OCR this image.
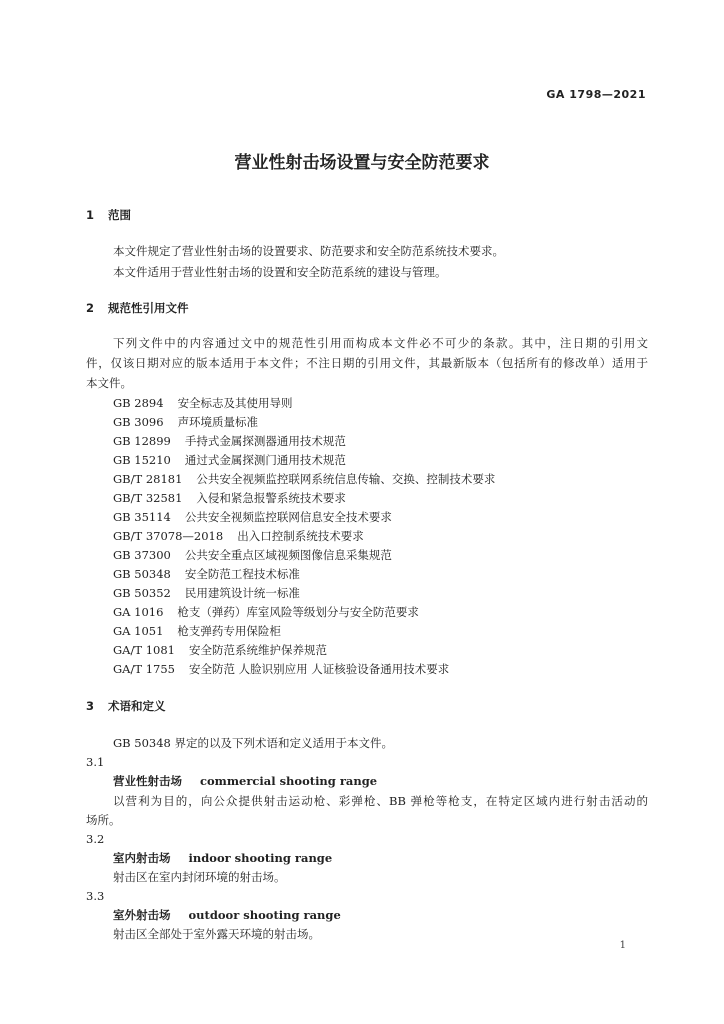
GA 1798—2021
营业性射击场设置与安全防范要求
1 范围
本文件规定了营业性射击场的设置要求、防范要求和安全防范系统技术要求。
本文件适用于营业性射击场的设置和安全防范系统的建设与管理。
2 规范性引用文件
下列文件中的内容通过文中的规范性引用而构成本文件必不可少的条款。其中，注日期的引用文
件，仅该日期对应的版本适用于本文件；不注日期的引用文件，其最新版本（包括所有的修改单）适用于
本文件。
GB 2894 安全标志及其使用导则
GB 3096 声环境质量标准
GB 12899 手持式金属探测器通用技术规范
GB 15210 通过式金属探测门通用技术规范
GB/T 28181 公共安全视频监控联网系统信息传输、交换、控制技术要求
GB/T 32581 入侵和紧急报警系统技术要求
GB 35114 公共安全视频监控联网信息安全技术要求
GB/T 37078—2018 出入口控制系统技术要求
GB 37300 公共安全重点区域视频图像信息采集规范
GB 50348 安全防范工程技术标准
GB 50352 民用建筑设计统一标准
GA 1016 枪支（弹药）库室风险等级划分与安全防范要求
GA 1051 枪支弹药专用保险柜
GA/T 1081 安全防范系统维护保养规范
GA/T 1755 安全防范 人脸识别应用 人证核验设备通用技术要求
3 术语和定义
GB 50348 界定的以及下列术语和定义适用于本文件。
3.1
营业性射击场 commercial shooting range
以营利为目的，向公众提供射击运动枪、彩弹枪、BB 弹枪等枪支，在特定区域内进行射击活动的
场所。
3.2
室内射击场 indoor shooting range
射击区在室内封闭环境的射击场。
3.3
室外射击场 outdoor shooting range
射击区全部处于室外露天环境的射击场。
1
